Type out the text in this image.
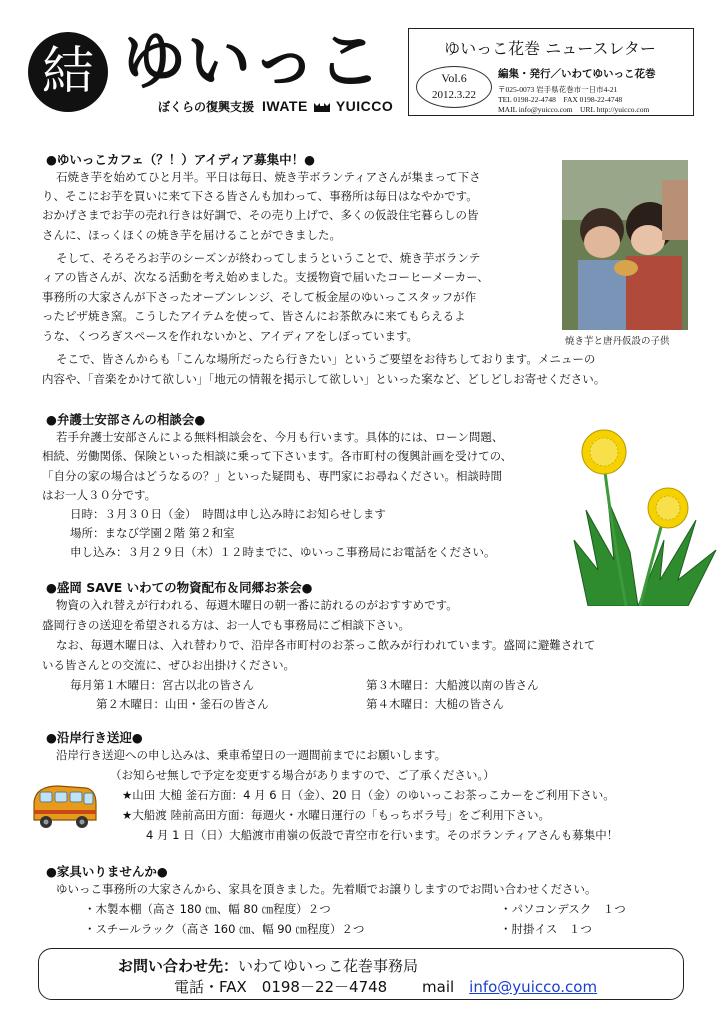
結 ゆいっこ
ぼくらの復興支援 IWATE YUICCO
ゆいっこ花巻 ニュースレター
Vol.6
2012.3.22
編集・発行／いわてゆいっこ花巻
〒025-0073 岩手県花巻市一日市4-21
TEL 0198-22-4748　FAX 0198-22-4748
MAIL info@yuicco.com　URL http://yuicco.com
●ゆいっこカフェ（？！）アイディア募集中！●
石焼き芋を始めてひと月半。平日は毎日、焼き芋ボランティアさんが集まって下さ
り、そこにお芋を買いに来て下さる皆さんも加わって、事務所は毎日はなやかです。
おかげさまでお芋の売れ行きは好調で、その売り上げで、多くの仮設住宅暮らしの皆
さんに、ほっくほくの焼き芋を届けることができました。
そして、そろそろお芋のシーズンが終わってしまうということで、焼き芋ボランテ
ィアの皆さんが、次なる活動を考え始めました。支援物資で届いたコーヒーメーカー、
事務所の大家さんが下さったオーブンレンジ、そして板金屋のゆいっこスタッフが作
ったピザ焼き窯。こうしたアイテムを使って、皆さんにお茶飲みに来てもらえるよ
うな、くつろぎスペースを作れないかと、アイディアをしぼっています。
そこで、皆さんからも「こんな場所だったら行きたい」というご要望をお待ちしております。メニューの
内容や、「音楽をかけて欲しい」「地元の情報を掲示して欲しい」といった案など、どしどしお寄せください。
焼き芋と唐丹仮設の子供
●弁護士安部さんの相談会●
若手弁護士安部さんによる無料相談会を、今月も行います。具体的には、ローン問題、
相続、労働関係、保険といった相談に乗って下さいます。各市町村の復興計画を受けての、
「自分の家の場合はどうなるの？」といった疑問も、専門家にお尋ねください。相談時間
はお一人３０分です。
日時：３月３０日（金）　時間は申し込み時にお知らせします
場所：まなび学園２階 第２和室
申し込み：３月２９日（木）１２時までに、ゆいっこ事務局にお電話をください。
●盛岡 SAVE いわての物資配布＆同郷お茶会●
物資の入れ替えが行われる、毎週木曜日の朝一番に訪れるのがおすすめです。
盛岡行きの送迎を希望される方は、お一人でも事務局にご相談下さい。
なお、毎週木曜日は、入れ替わりで、沿岸各市町村のお茶っこ飲みが行われています。盛岡に避難されて
いる皆さんとの交流に、ぜひお出掛けください。
毎月第１木曜日：宮古以北の皆さん	第３木曜日：大船渡以南の皆さん
第２木曜日：山田・釜石の皆さん	第４木曜日：大槌の皆さん
●沿岸行き送迎●
沿岸行き送迎への申し込みは、乗車希望日の一週間前までにお願いします。
（お知らせ無しで予定を変更する場合がありますので、ご了承ください。）
★山田 大槌 釜石方面：4 月 6 日（金）、20 日（金）のゆいっこお茶っこカーをご利用下さい。
★大船渡 陸前高田方面：毎週火・水曜日運行の「もっちボラ号」をご利用下さい。
4 月 1 日（日）大船渡市甫嶺の仮設で青空市を行います。そのボランティアさんも募集中！
●家具いりませんか●
ゆいっこ事務所の大家さんから、家具を頂きました。先着順でお譲りしますのでお問い合わせください。
・木製本棚（高さ 180 ㎝、幅 80 ㎝程度）２つ	・パソコンデスク　１つ
・スチールラック（高さ 160 ㎝、幅 90 ㎝程度）２つ	・肘掛イス　１つ
お問い合わせ先：いわてゆいっこ花巻事務局
電話・FAX　0198－22－4748　　 mail　 info@yuicco.com
